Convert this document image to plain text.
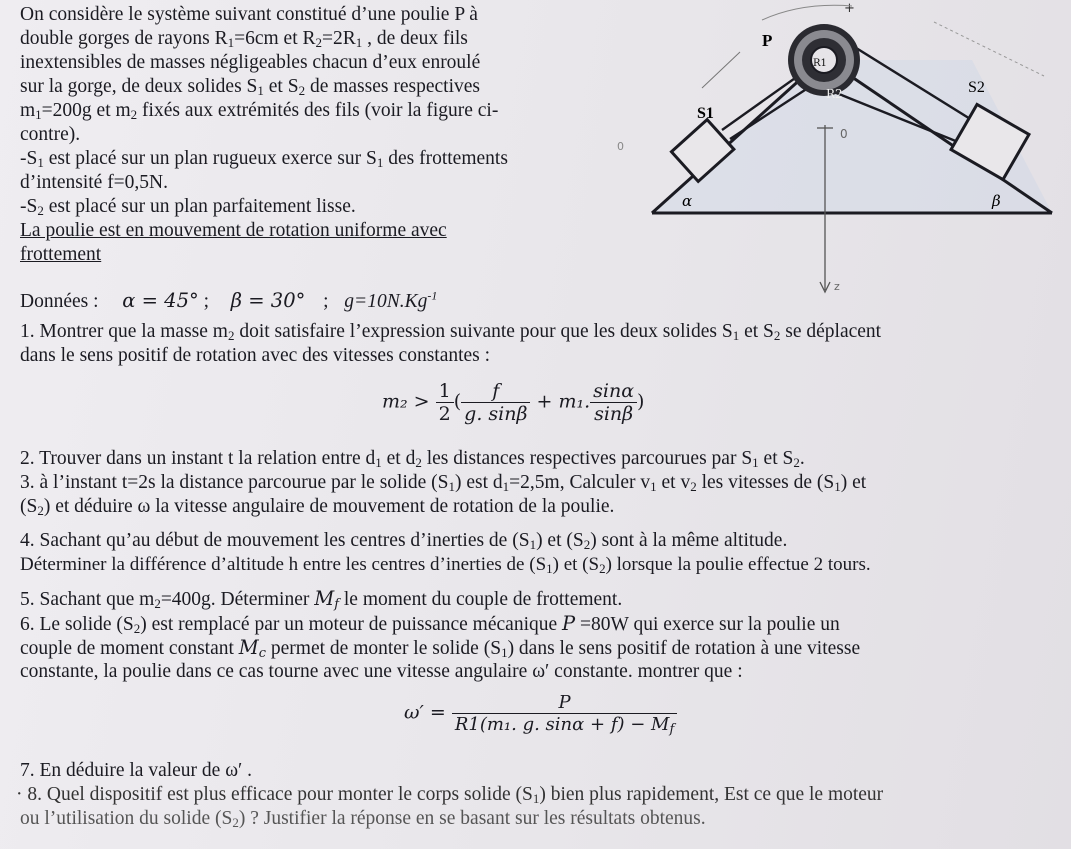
On considère le système suivant constitué d’une poulie P à
double gorges de rayons $R_1=6cm$ et $R_2=2R_1$ , de deux fils
inextensibles de masses négligeables chacun d’eux enroulé
sur la gorge, de deux solides $S_1$ et $S_2$ de masses respectives
$m_1=200g$ et $m_2$ fixés aux extrémités des fils (voir la figure ci-
contre).
$-S_1$ est placé sur un plan rugueux exerce sur $S_1$ des frottements
d’intensité f=0,5N.
$-S_2$ est placé sur un plan parfaitement lisse.
La poulie est en mouvement de rotation uniforme avec
frottement
Données : α = 45° ; β = 30° ; $g=10N.Kg^{-1}$
1. Montrer que la masse $m_2$ doit satisfaire l’expression suivante pour que les deux solides $S_1$ et $S_2$ se déplacent
dans le sens positif de rotation avec des vitesses constantes :
$m_2 > \frac{1}{2}$ ( $\frac{f}{g. \sin\beta} + m_1$. $\frac{\sin\alpha}{\sin\beta}$ )
2. Trouver dans un instant t la relation entre $d_1$ et $d_2$ les distances respectives parcourues par $S_1$ et $S_2$.
3. à l’instant t=2s la distance parcourue par le solide $(S_1)$ est $d_1=2,5m$, Calculer $v_1$ et $v_2$ les vitesses de $(S_1)$ et
$(S_2)$ et déduire ω la vitesse angulaire de mouvement de rotation de la poulie.
4. Sachant qu’au début de mouvement les centres d’inerties de $(S_1)$ et $(S_2)$ sont à la même altitude.
Déterminer la différence d’altitude h entre les centres d’inerties de $(S_1)$ et $(S_2)$ lorsque la poulie effectue 2 tours.
5. Sachant que $m_2=400g$. Déterminer $M_f$ le moment du couple de frottement.
6. Le solide $(S_2)$ est remplacé par un moteur de puissance mécanique P =80W qui exerce sur la poulie un
couple de moment constant $M_c$ permet de monter le solide $(S_1)$ dans le sens positif de rotation à une vitesse
constante, la poulie dans ce cas tourne avec une vitesse angulaire ω′ constante. montrer que :
$\omega' = \frac{P}{R1(m_1. g. \sin\alpha + f) - M_f}$
7. En déduire la valeur de ω′ .
· 8. Quel dispositif est plus efficace pour monter le corps solide $(S_1)$ bien plus rapidement, Est ce que le moteur
ou l’utilisation du solide $(S_2)$ ? Justifier la réponse en se basant sur les résultats obtenus.
0
z
R1
R2
P
S1
S2
α	β
0
+
